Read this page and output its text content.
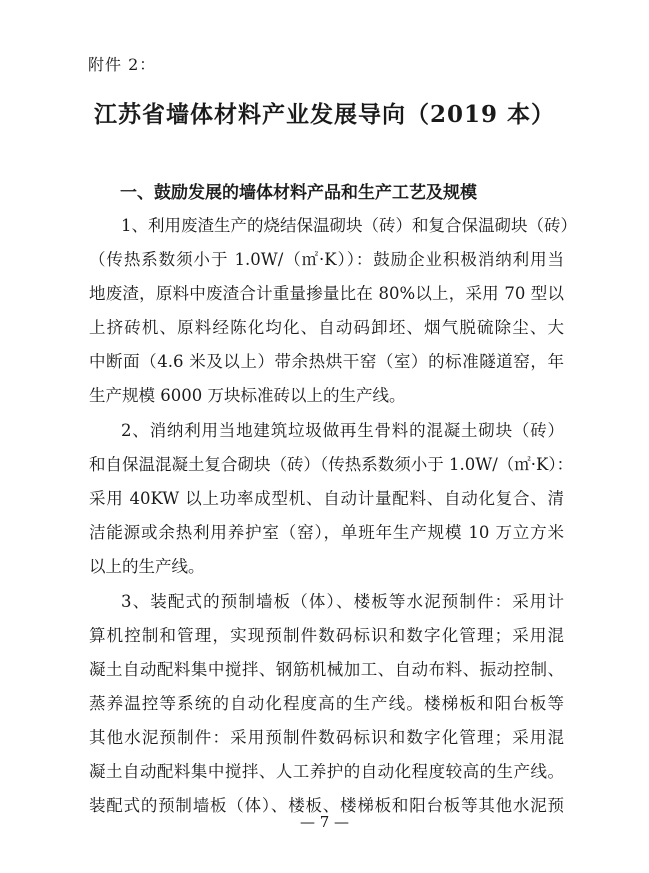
附件 2：
江苏省墙体材料产业发展导向（2019 本）
一、鼓励发展的墙体材料产品和生产工艺及规模
1、利用废渣生产的烧结保温砌块（砖）和复合保温砌块（砖）
（传热系数须小于 1.0W/（㎡·K））：鼓励企业积极消纳利用当
地废渣，原料中废渣合计重量掺量比在 80%以上，采用 70 型以
上挤砖机、原料经陈化均化、自动码卸坯、烟气脱硫除尘、大
中断面（4.6 米及以上）带余热烘干窑（室）的标准隧道窑，年
生产规模 6000 万块标准砖以上的生产线。
2、消纳利用当地建筑垃圾做再生骨料的混凝土砌块（砖）
和自保温混凝土复合砌块（砖）（传热系数须小于 1.0W/（㎡·K）：
采用 40KW 以上功率成型机、自动计量配料、自动化复合、清
洁能源或余热利用养护室（窑），单班年生产规模 10 万立方米
以上的生产线。
3、装配式的预制墙板（体）、楼板等水泥预制件：采用计
算机控制和管理，实现预制件数码标识和数字化管理；采用混
凝土自动配料集中搅拌、钢筋机械加工、自动布料、振动控制、
蒸养温控等系统的自动化程度高的生产线。楼梯板和阳台板等
其他水泥预制件：采用预制件数码标识和数字化管理；采用混
凝土自动配料集中搅拌、人工养护的自动化程度较高的生产线。
装配式的预制墙板（体）、楼板、楼梯板和阳台板等其他水泥预
— 7 —
